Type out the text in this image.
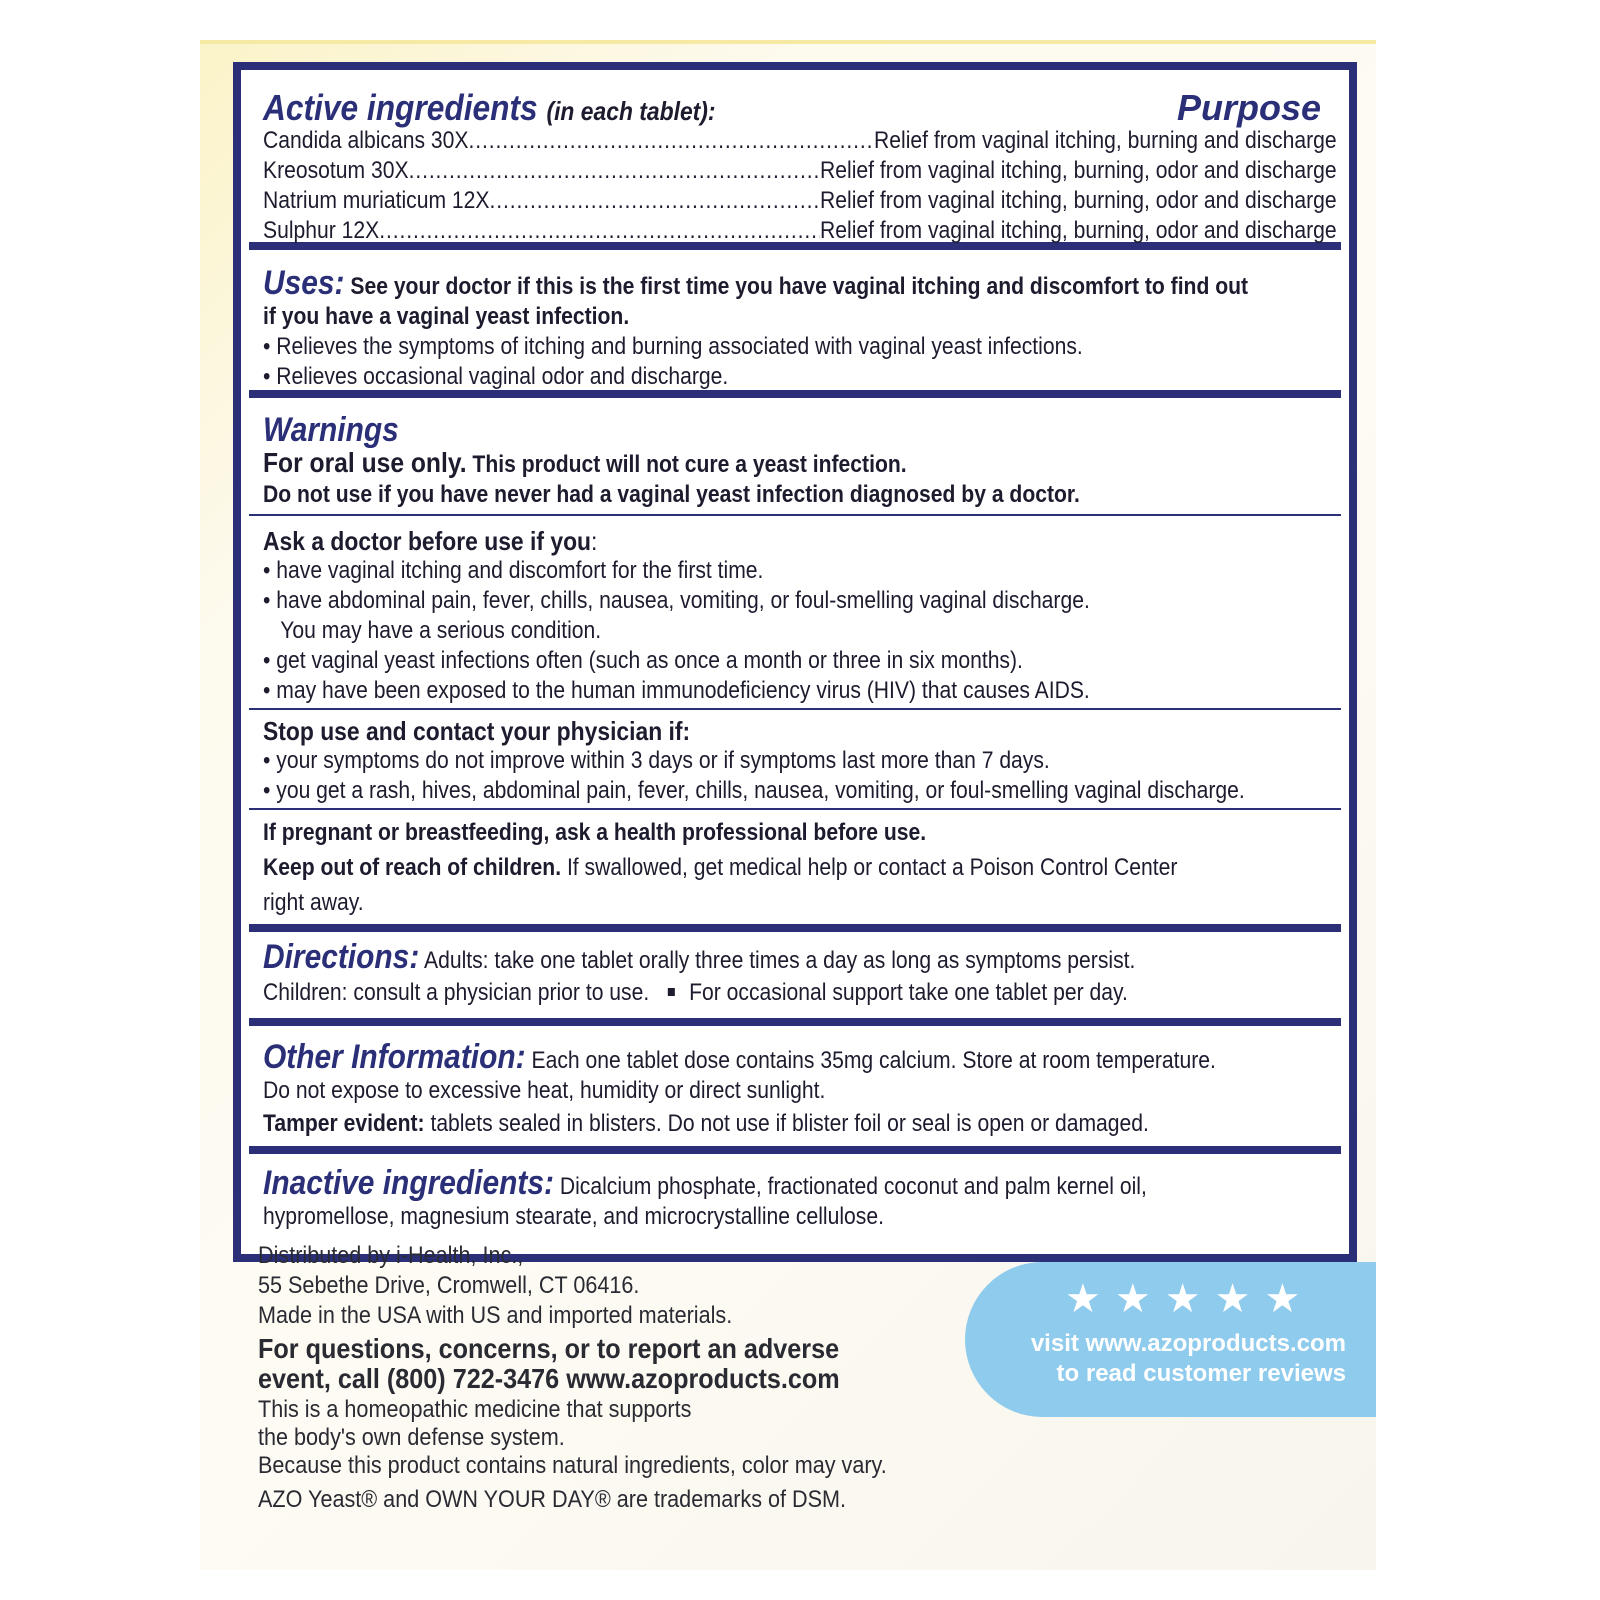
Active ingredients (in each tablet):	Purpose
Candida albicans 30X .....	Relief from vaginal itching, burning and discharge
Kreosotum 30X .....	Relief from vaginal itching, burning, odor and discharge
Natrium muriaticum 12X .....	Relief from vaginal itching, burning, odor and discharge
Sulphur 12X .....	Relief from vaginal itching, burning, odor and discharge
Uses: See your doctor if this is the first time you have vaginal itching and discomfort to find out
if you have a vaginal yeast infection.
• Relieves the symptoms of itching and burning associated with vaginal yeast infections.
• Relieves occasional vaginal odor and discharge.
Warnings
For oral use only. This product will not cure a yeast infection.
Do not use if you have never had a vaginal yeast infection diagnosed by a doctor.
Ask a doctor before use if you:
• have vaginal itching and discomfort for the first time.
• have abdominal pain, fever, chills, nausea, vomiting, or foul-smelling vaginal discharge.
You may have a serious condition.
• get vaginal yeast infections often (such as once a month or three in six months).
• may have been exposed to the human immunodeficiency virus (HIV) that causes AIDS.
Stop use and contact your physician if:
• your symptoms do not improve within 3 days or if symptoms last more than 7 days.
• you get a rash, hives, abdominal pain, fever, chills, nausea, vomiting, or foul-smelling vaginal discharge.
If pregnant or breastfeeding, ask a health professional before use.
Keep out of reach of children. If swallowed, get medical help or contact a Poison Control Center
right away.
Directions: Adults: take one tablet orally three times a day as long as symptoms persist.
Children: consult a physician prior to use. For occasional support take one tablet per day.
Other Information: Each one tablet dose contains 35mg calcium. Store at room temperature.
Do not expose to excessive heat, humidity or direct sunlight.
Tamper evident: tablets sealed in blisters. Do not use if blister foil or seal is open or damaged.
Inactive ingredients: Dicalcium phosphate, fractionated coconut and palm kernel oil,
hypromellose, magnesium stearate, and microcrystalline cellulose.
Distributed by i-Health, Inc.,
55 Sebethe Drive, Cromwell, CT 06416.
Made in the USA with US and imported materials.
For questions, concerns, or to report an adverse
event, call (800) 722-3476 www.azoproducts.com
This is a homeopathic medicine that supports
the body's own defense system.
Because this product contains natural ingredients, color may vary.
AZO Yeast® and OWN YOUR DAY® are trademarks of DSM.
★★★★★
visit www.azoproducts.com
to read customer reviews
